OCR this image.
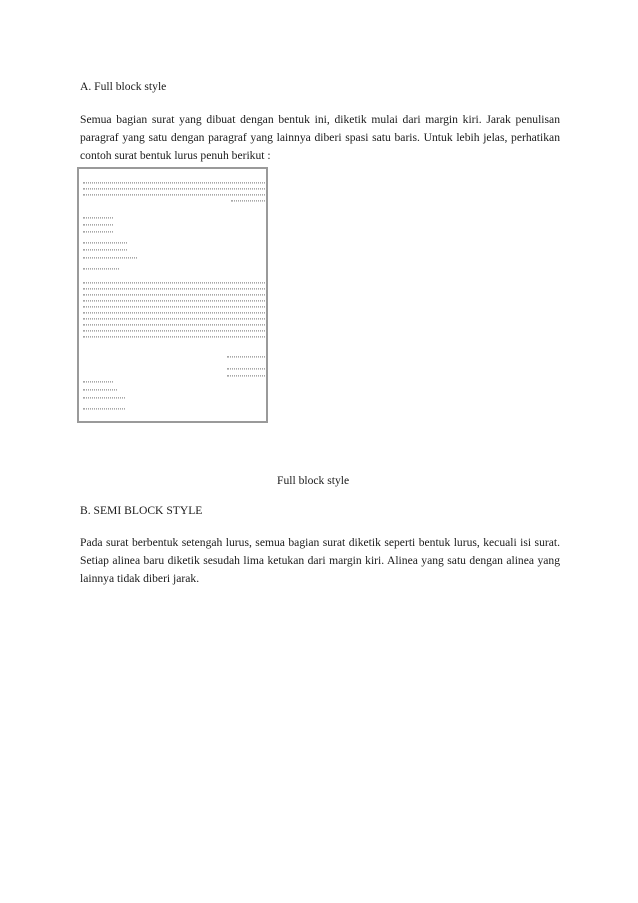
A. Full block style

Semua bagian surat yang dibuat dengan bentuk ini, diketik mulai dari margin kiri. Jarak penulisan paragraf yang satu dengan paragraf yang lainnya diberi spasi satu baris. Untuk lebih jelas, perhatikan contoh surat bentuk lurus penuh berikut :

Full block style

B. SEMI BLOCK STYLE

Pada surat berbentuk setengah lurus, semua bagian surat diketik seperti bentuk lurus, kecuali isi surat. Setiap alinea baru diketik sesudah lima ketukan dari margin kiri. Alinea yang satu dengan alinea yang lainnya tidak diberi jarak.
